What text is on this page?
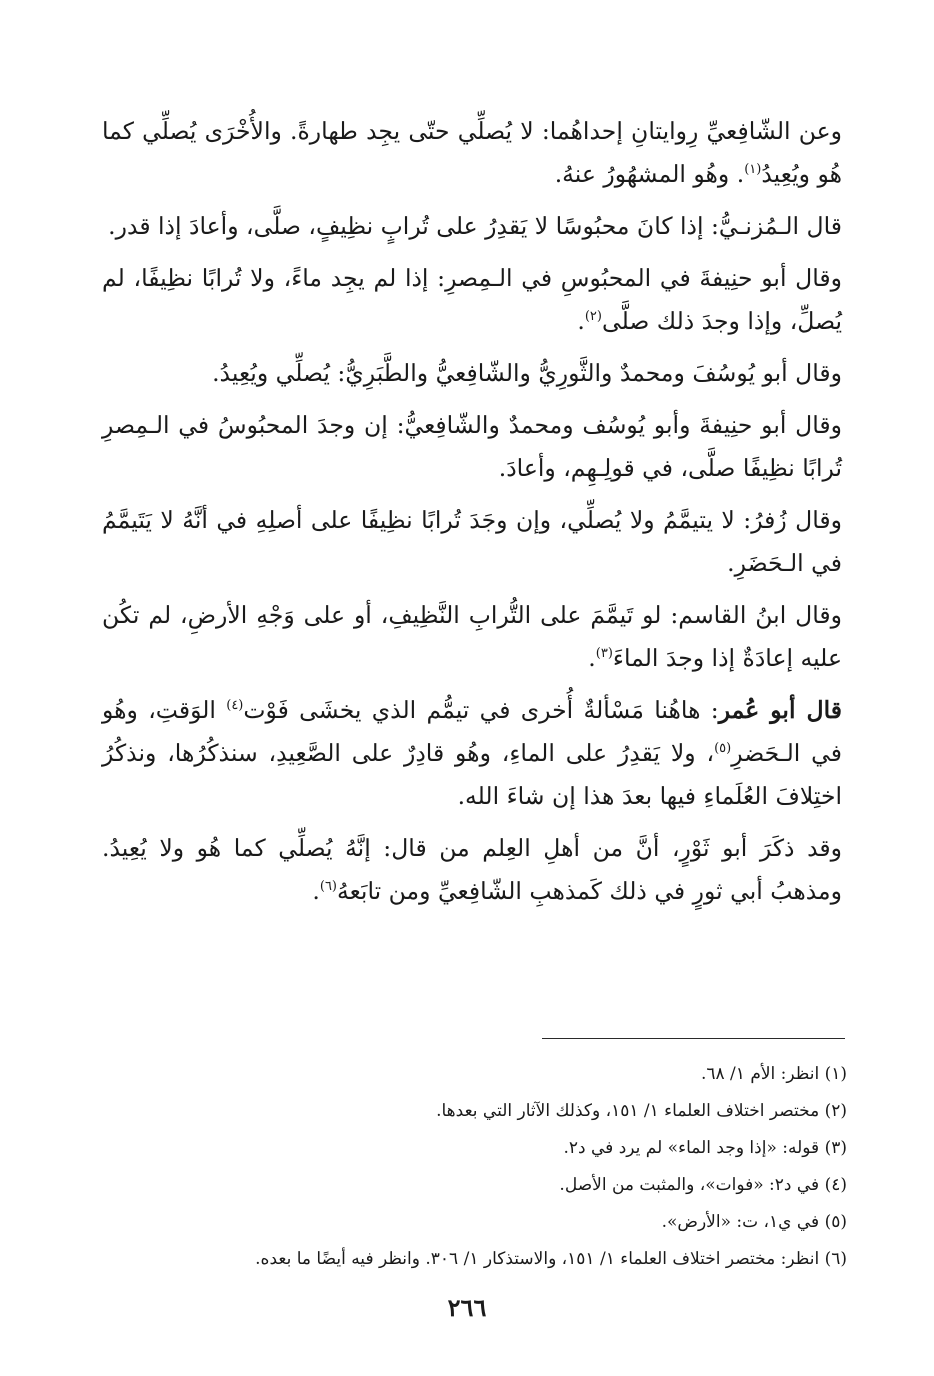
وعن الشّافِعيِّ رِوايتانِ إحداهُما: لا يُصلِّي حتّى يجِد طهارةً. والأُخْرَى يُصلِّي كما هُو ويُعِيدُ$^{(١)}$. وهُو المشهُورُ عنهُ.

قال الـمُزنـيُّ: إذا كانَ محبُوسًا لا يَقدِرُ على تُرابٍ نظِيفٍ، صلَّى، وأعادَ إذا قدر.

وقال أبو حنِيفةَ في المحبُوسِ في الـمِصرِ: إذا لم يجِد ماءً، ولا تُرابًا نظِيفًا، لم يُصلِّ، وإذا وجدَ ذلك صلَّى$^{(٢)}$.

وقال أبو يُوسُفَ ومحمدٌ والثَّورِيُّ والشّافِعيُّ والطَّبَرِيُّ: يُصلِّي ويُعِيدُ.

وقال أبو حنِيفةَ وأبو يُوسُف ومحمدٌ والشّافِعيُّ: إن وجدَ المحبُوسُ في الـمِصرِ تُرابًا نظِيفًا صلَّى، في قولِـهِم، وأعادَ.

وقال زُفرُ: لا يتيمَّمُ ولا يُصلِّي، وإن وجَدَ تُرابًا نظِيفًا على أصلِهِ في أنَّهُ لا يَتَيمَّمُ في الـحَضَرِ.

وقال ابنُ القاسم: لو تَيمَّمَ على التُّرابِ النَّظِيفِ، أو على وَجْهِ الأرضِ، لم تكُن عليه إعادَةٌ إذا وجدَ الماءَ$^{(٣)}$.

قال أبو عُمر: هاهُنا مَسْألةٌ أُخرى في تيمُّم الذي يخشَى فَوْت$^{(٤)}$ الوَقتِ، وهُو في الـحَضرِ$^{(٥)}$، ولا يَقدِرُ على الماءِ، وهُو قادِرٌ على الصَّعِيدِ، سنذكُرُها، ونذكُرُ اختِلافَ العُلَماءِ فيها بعدَ هذا إن شاءَ الله.

وقد ذكَرَ أبو ثَوْرٍ، أنَّ من أهلِ العِلم من قال: إنَّهُ يُصلِّي كما هُو ولا يُعِيدُ. ومذهبُ أبي ثورٍ في ذلك كَمذهبِ الشّافِعيِّ ومن تابَعهُ$^{(٦)}$.

(١) انظر: الأم ١/ ٦٨.

(٢) مختصر اختلاف العلماء ١/ ١٥١، وكذلك الآثار التي بعدها.

(٣) قوله: «إذا وجد الماء» لم يرد في د٢.

(٤) في د٢: «فوات»، والمثبت من الأصل.

(٥) في ي١، ت: «الأرض».

(٦) انظر: مختصر اختلاف العلماء ١/ ١٥١، والاستذكار ١/ ٣٠٦. وانظر فيه أيضًا ما بعده.

٢٦٦
